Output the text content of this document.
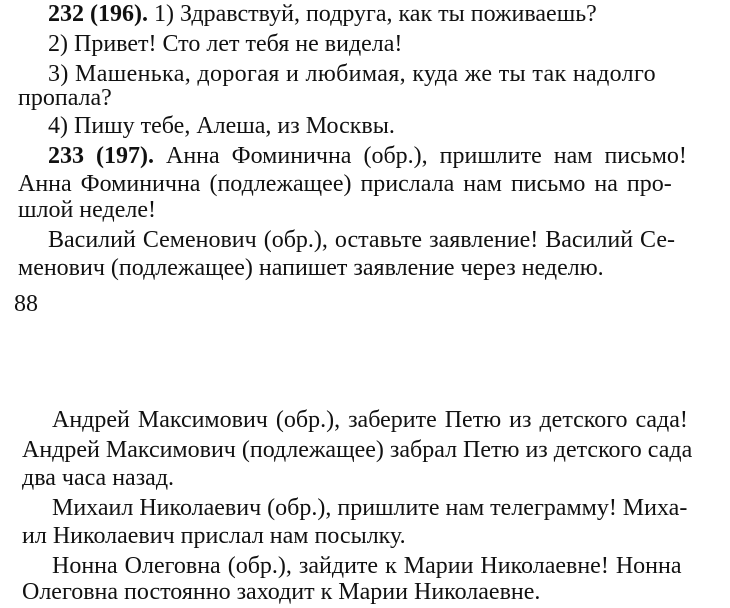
232 (196). 1) Здравствуй, подруга, как ты поживаешь?
2) Привет! Сто лет тебя не видела!
3) Машенька, дорогая и любимая, куда же ты так надолго
пропала?
4) Пишу тебе, Алеша, из Москвы.
233 (197). Анна Фоминична (обр.), пришлите нам письмо!
Анна Фоминична (подлежащее) прислала нам письмо на про-
шлой неделе!
Василий Семенович (обр.), оставьте заявление! Василий Се-
менович (подлежащее) напишет заявление через неделю.
88
Андрей Максимович (обр.), заберите Петю из детского сада!
Андрей Максимович (подлежащее) забрал Петю из детского сада
два часа назад.
Михаил Николаевич (обр.), пришлите нам телеграмму! Миха-
ил Николаевич прислал нам посылку.
Нонна Олеговна (обр.), зайдите к Марии Николаевне! Нонна
Олеговна постоянно заходит к Марии Николаевне.
